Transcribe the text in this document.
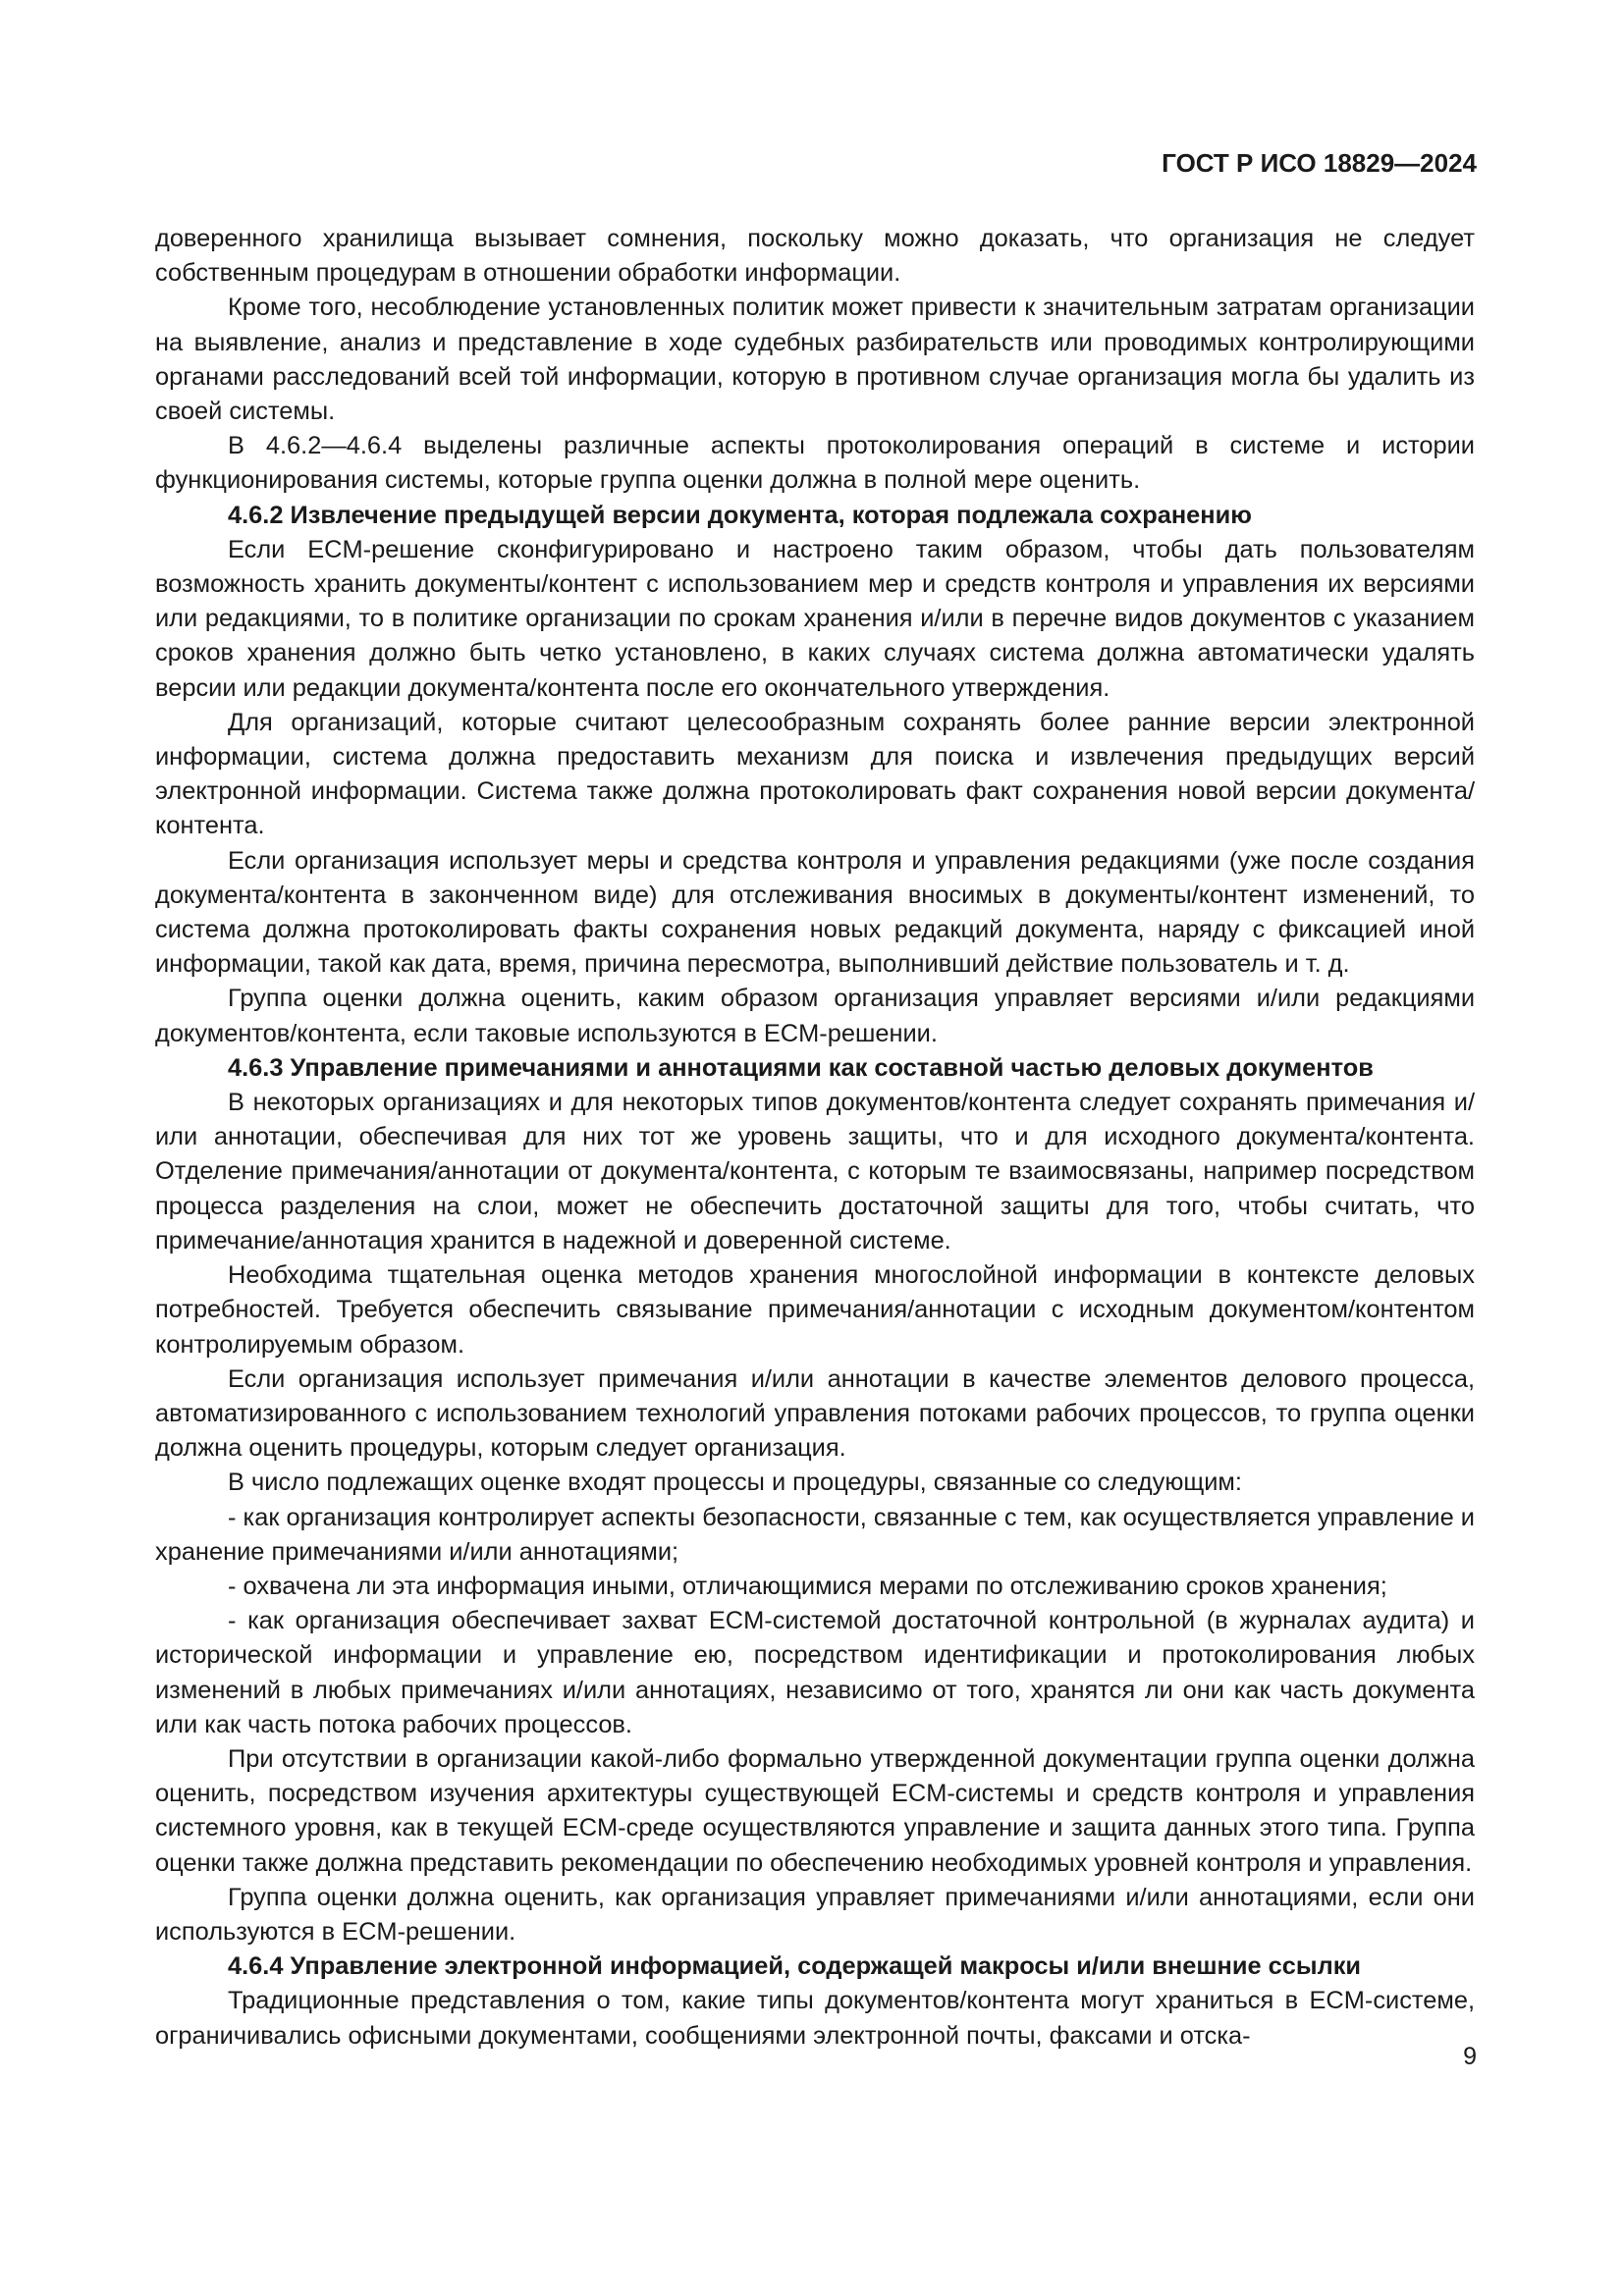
ГОСТ Р ИСО 18829—2024

доверенного хранилища вызывает сомнения, поскольку можно доказать, что организация не следует собственным процедурам в отношении обработки информации.

Кроме того, несоблюдение установленных политик может привести к значительным затратам организации на выявление, анализ и представление в ходе судебных разбирательств или проводимых контролирующими органами расследований всей той информации, которую в противном случае организация могла бы удалить из своей системы.

В 4.6.2—4.6.4 выделены различные аспекты протоколирования операций в системе и истории функционирования системы, которые группа оценки должна в полной мере оценить.

4.6.2 Извлечение предыдущей версии документа, которая подлежала сохранению

Если ECM-решение сконфигурировано и настроено таким образом, чтобы дать пользователям возможность хранить документы/контент с использованием мер и средств контроля и управления их версиями или редакциями, то в политике организации по срокам хранения и/или в перечне видов документов с указанием сроков хранения должно быть четко установлено, в каких случаях система должна автоматически удалять версии или редакции документа/контента после его окончательного утверждения.

Для организаций, которые считают целесообразным сохранять более ранние версии электронной информации, система должна предоставить механизм для поиска и извлечения предыдущих версий электронной информации. Система также должна протоколировать факт сохранения новой версии документа/контента.

Если организация использует меры и средства контроля и управления редакциями (уже после создания документа/контента в законченном виде) для отслеживания вносимых в документы/контент изменений, то система должна протоколировать факты сохранения новых редакций документа, наряду с фиксацией иной информации, такой как дата, время, причина пересмотра, выполнивший действие пользователь и т. д.

Группа оценки должна оценить, каким образом организация управляет версиями и/или редакциями документов/контента, если таковые используются в ECM-решении.

4.6.3 Управление примечаниями и аннотациями как составной частью деловых документов

В некоторых организациях и для некоторых типов документов/контента следует сохранять примечания и/или аннотации, обеспечивая для них тот же уровень защиты, что и для исходного документа/контента. Отделение примечания/аннотации от документа/контента, с которым те взаимосвязаны, например посредством процесса разделения на слои, может не обеспечить достаточной защиты для того, чтобы считать, что примечание/аннотация хранится в надежной и доверенной системе.

Необходима тщательная оценка методов хранения многослойной информации в контексте деловых потребностей. Требуется обеспечить связывание примечания/аннотации с исходным документом/контентом контролируемым образом.

Если организация использует примечания и/или аннотации в качестве элементов делового процесса, автоматизированного с использованием технологий управления потоками рабочих процессов, то группа оценки должна оценить процедуры, которым следует организация.

В число подлежащих оценке входят процессы и процедуры, связанные со следующим:

- как организация контролирует аспекты безопасности, связанные с тем, как осуществляется управление и хранение примечаниями и/или аннотациями;

- охвачена ли эта информация иными, отличающимися мерами по отслеживанию сроков хранения;

- как организация обеспечивает захват ECM-системой достаточной контрольной (в журналах аудита) и исторической информации и управление ею, посредством идентификации и протоколирования любых изменений в любых примечаниях и/или аннотациях, независимо от того, хранятся ли они как часть документа или как часть потока рабочих процессов.

При отсутствии в организации какой-либо формально утвержденной документации группа оценки должна оценить, посредством изучения архитектуры существующей ECM-системы и средств контроля и управления системного уровня, как в текущей ECM-среде осуществляются управление и защита данных этого типа. Группа оценки также должна представить рекомендации по обеспечению необходимых уровней контроля и управления.

Группа оценки должна оценить, как организация управляет примечаниями и/или аннотациями, если они используются в ECM-решении.

4.6.4 Управление электронной информацией, содержащей макросы и/или внешние ссылки

Традиционные представления о том, какие типы документов/контента могут храниться в ECM-системе, ограничивались офисными документами, сообщениями электронной почты, факсами и отска-

9
